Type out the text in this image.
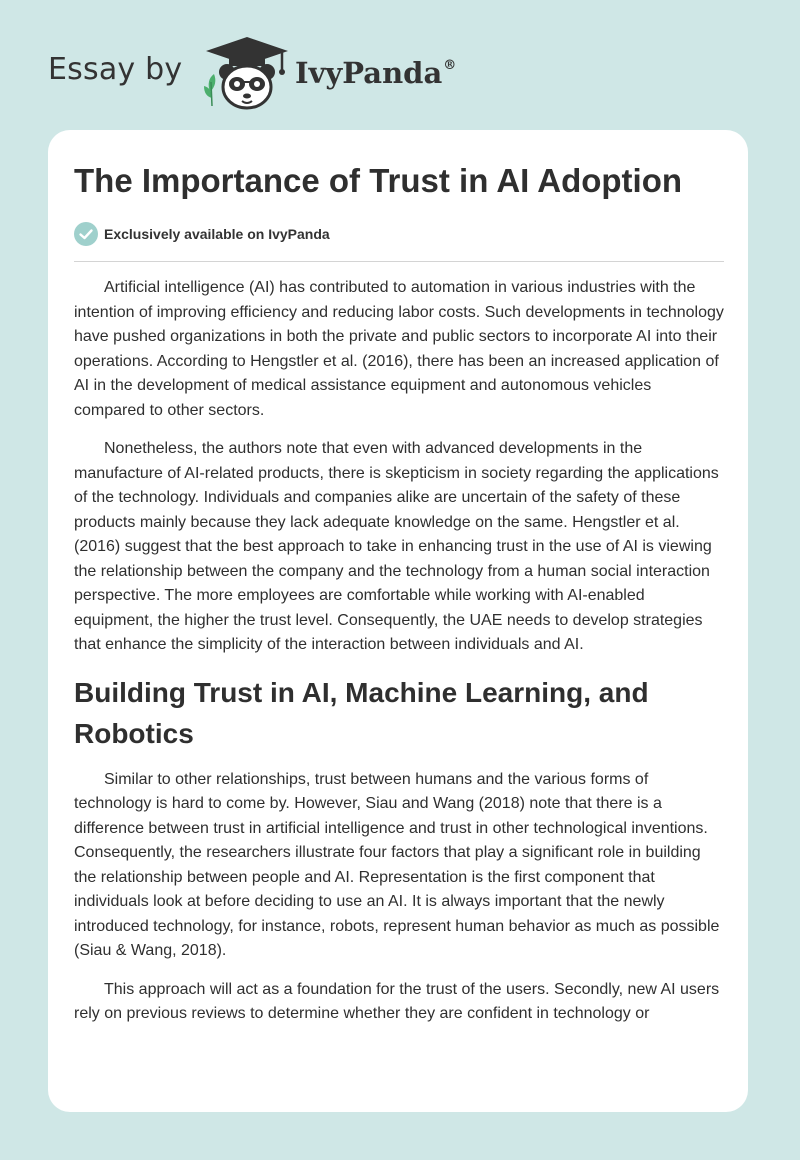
Essay by	IvyPanda®
The Importance of Trust in AI Adoption
Exclusively available on IvyPanda

Artificial intelligence (AI) has contributed to automation in various industries with the intention of improving efficiency and reducing labor costs. Such developments in technology have pushed organizations in both the private and public sectors to incorporate AI into their operations. According to Hengstler et al. (2016), there has been an increased application of AI in the development of medical assistance equipment and autonomous vehicles compared to other sectors.

Nonetheless, the authors note that even with advanced developments in the manufacture of AI-related products, there is skepticism in society regarding the applications of the technology. Individuals and companies alike are uncertain of the safety of these products mainly because they lack adequate knowledge on the same. Hengstler et al. (2016) suggest that the best approach to take in enhancing trust in the use of AI is viewing the relationship between the company and the technology from a human social interaction perspective. The more employees are comfortable while working with AI-enabled equipment, the higher the trust level. Consequently, the UAE needs to develop strategies that enhance the simplicity of the interaction between individuals and AI.

Building Trust in AI, Machine Learning, and Robotics

Similar to other relationships, trust between humans and the various forms of technology is hard to come by. However, Siau and Wang (2018) note that there is a difference between trust in artificial intelligence and trust in other technological inventions. Consequently, the researchers illustrate four factors that play a significant role in building the relationship between people and AI. Representation is the first component that individuals look at before deciding to use an AI. It is always important that the newly introduced technology, for instance, robots, represent human behavior as much as possible (Siau & Wang, 2018).

This approach will act as a foundation for the trust of the users. Secondly, new AI users rely on previous reviews to determine whether they are confident in technology or
